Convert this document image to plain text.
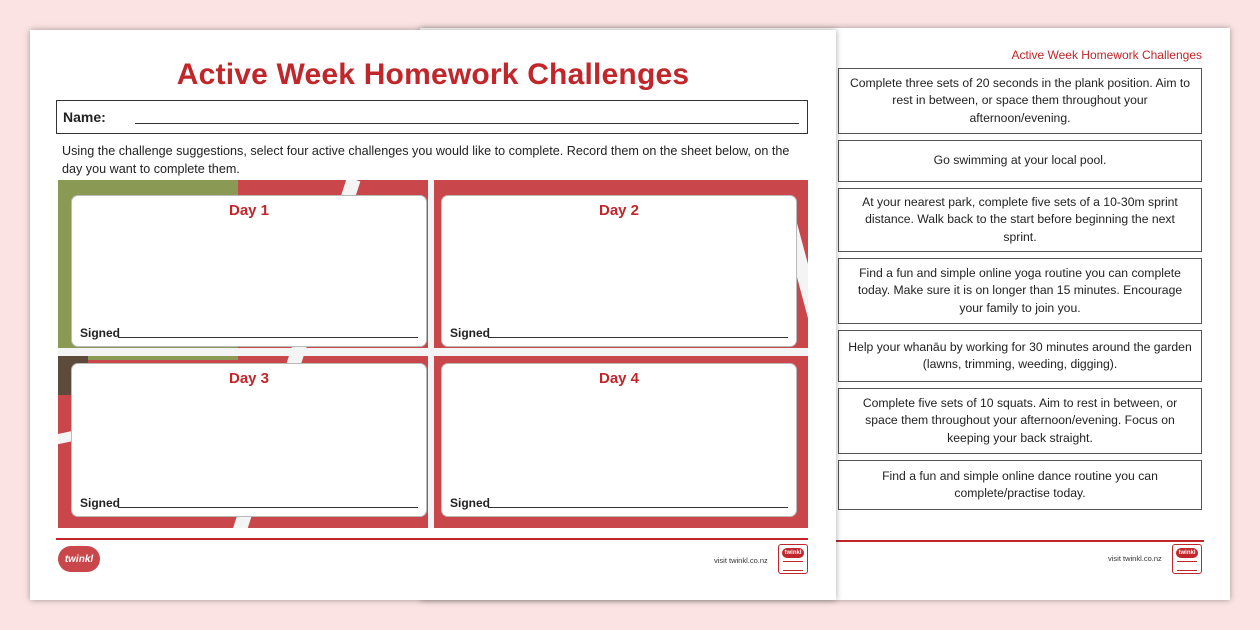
Active Week Homework Challenges
Complete three sets of 20 seconds in the plank position. Aim to rest in between, or space them throughout your afternoon/evening.
Go swimming at your local pool.
At your nearest park, complete five sets of a 10-30m sprint distance. Walk back to the start before beginning the next sprint.
Find a fun and simple online yoga routine you can complete today. Make sure it is on longer than 15 minutes. Encourage your family to join you.
Help your whanāu by working for 30 minutes around the garden (lawns, trimming, weeding, digging).
Complete five sets of 10 squats. Aim to rest in between, or space them throughout your afternoon/evening. Focus on keeping your back straight.
Find a fun and simple online dance routine you can complete/practise today.
visit twinkl.co.nz
twinkl
Active Week Homework Challenges
Name:
Using the challenge suggestions, select four active challenges you would like to complete. Record them on the sheet below, on the day you want to complete them.
Day 1
Signed
Day 2
Signed
Day 3
Signed
Day 4
Signed
twinkl	visit twinkl.co.nz
twinkl
